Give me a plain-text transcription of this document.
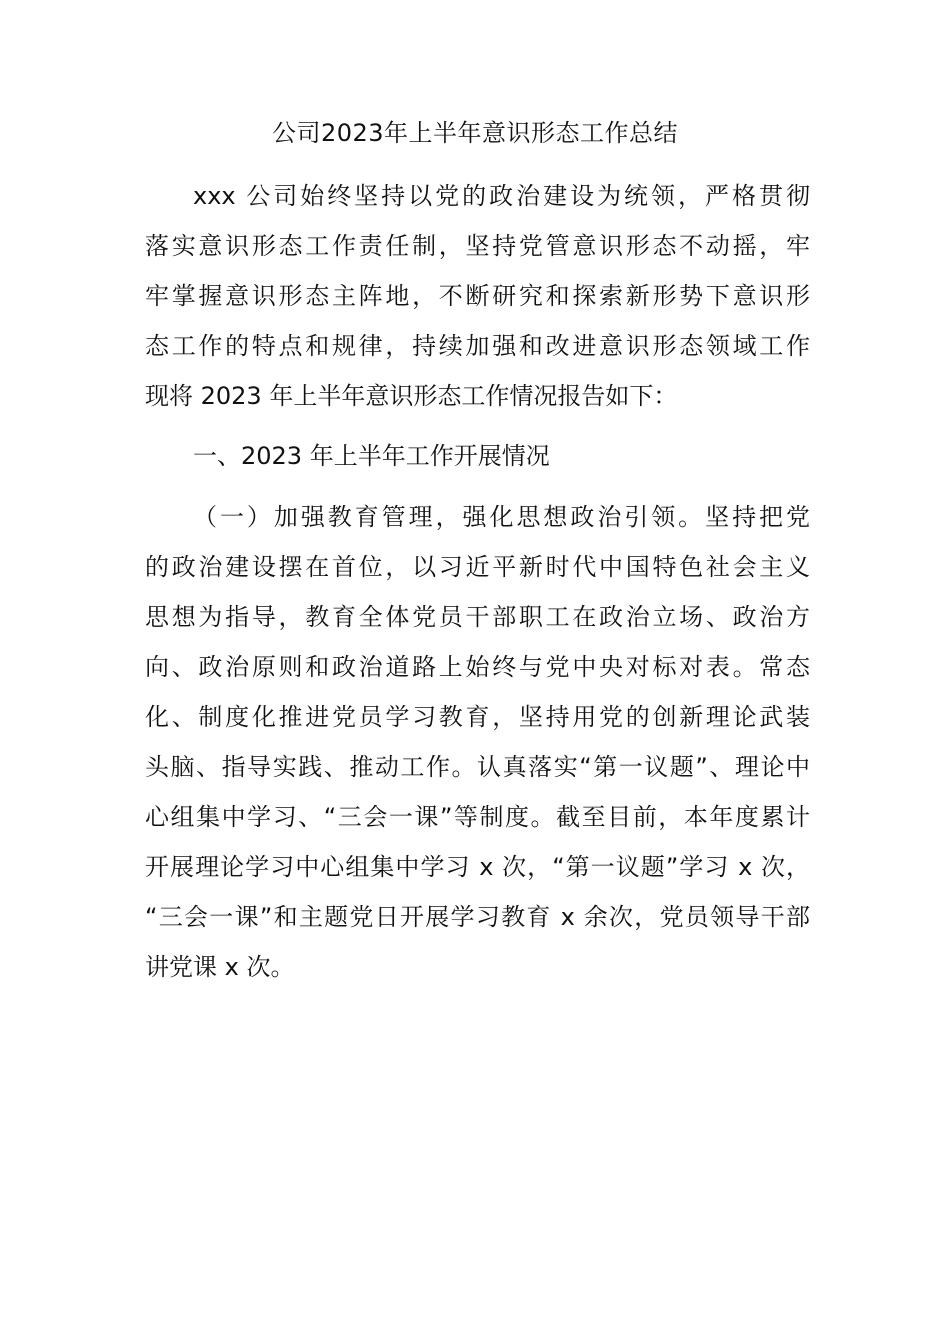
公司2023年上半年意识形态工作总结

xxx 公司始终坚持以党的政治建设为统领，严格贯彻

落实意识形态工作责任制，坚持党管意识形态不动摇，牢

牢掌握意识形态主阵地，不断研究和探索新形势下意识形

态工作的特点和规律，持续加强和改进意识形态领域工作

现将 2023 年上半年意识形态工作情况报告如下：

一、2023 年上半年工作开展情况

（一）加强教育管理，强化思想政治引领。坚持把党

的政治建设摆在首位，以习近平新时代中国特色社会主义

思想为指导，教育全体党员干部职工在政治立场、政治方

向、政治原则和政治道路上始终与党中央对标对表。常态

化、制度化推进党员学习教育，坚持用党的创新理论武装

头脑、指导实践、推动工作。认真落实“第一议题”、理论中

心组集中学习、“三会一课”等制度。截至目前，本年度累计

开展理论学习中心组集中学习 x 次，“第一议题”学习 x 次，

“三会一课”和主题党日开展学习教育 x 余次，党员领导干部

讲党课 x 次。
